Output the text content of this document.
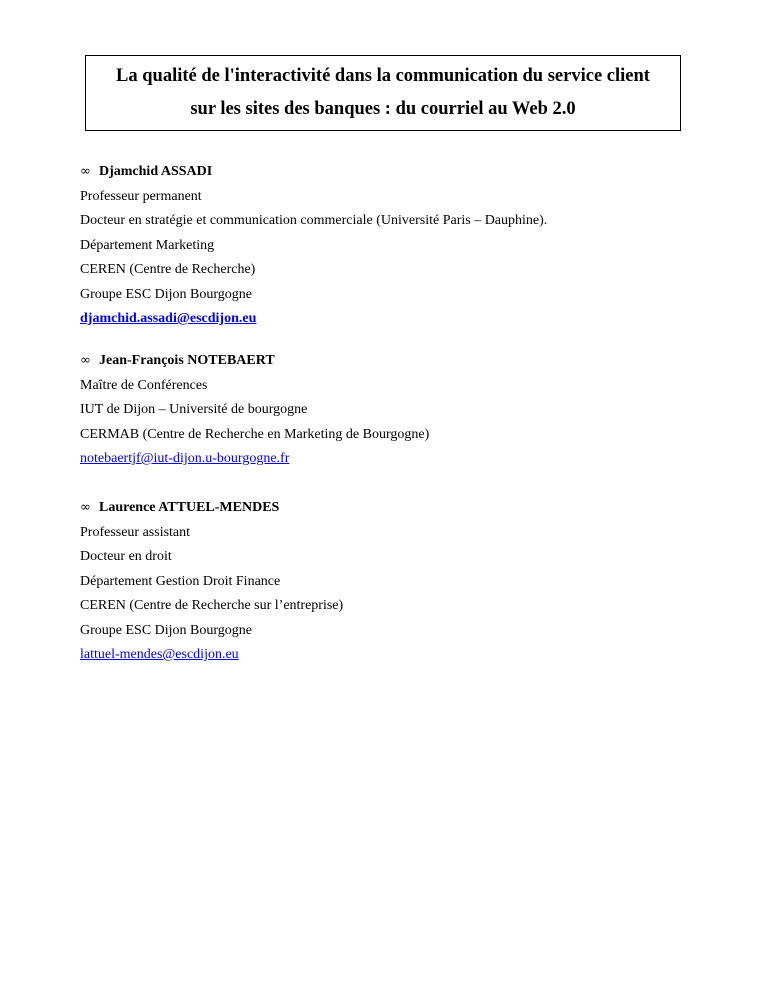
La qualité de l'interactivité dans la communication du service client
sur les sites des banques : du courriel au Web 2.0
∞ Djamchid ASSADI
Professeur permanent
Docteur en stratégie et communication commerciale (Université Paris – Dauphine).
Département Marketing
CEREN (Centre de Recherche)
Groupe ESC Dijon Bourgogne
djamchid.assadi@escdijon.eu
∞ Jean-François NOTEBAERT
Maître de Conférences
IUT de Dijon – Université de bourgogne
CERMAB (Centre de Recherche en Marketing de Bourgogne)
notebaertjf@iut-dijon.u-bourgogne.fr
∞ Laurence ATTUEL-MENDES
Professeur assistant
Docteur en droit
Département Gestion Droit Finance
CEREN (Centre de Recherche sur l’entreprise)
Groupe ESC Dijon Bourgogne
lattuel-mendes@escdijon.eu
